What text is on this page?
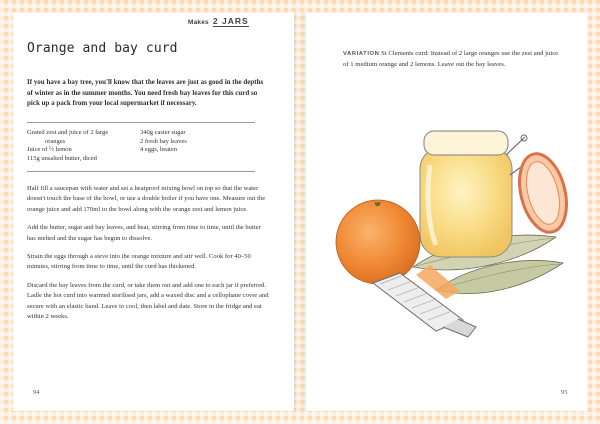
Makes 2 JARS
Orange and bay curd

If you have a bay tree, you'll know that the leaves are just as good in the depths of winter as in the summer months. You need fresh bay leaves for this curd so pick up a pack from your local supermarket if necessary.

Grated zest and juice of 2 large
oranges
Juice of ½ lemon
115g unsalted butter, diced
340g caster sugar
2 fresh bay leaves
4 eggs, beaten

Half fill a saucepan with water and set a heatproof mixing bowl on top so that the water doesn't touch the base of the bowl, or use a double boiler if you have one. Measure out the orange juice and add 170ml to the bowl along with the orange zest and lemon juice.

Add the butter, sugar and bay leaves, and heat, stirring from time to time, until the butter has melted and the sugar has begun to dissolve.

Strain the eggs through a sieve into the orange mixture and stir well. Cook for 40–50 minutes, stirring from time to time, until the curd has thickened.

Discard the bay leaves from the curd, or take them out and add one to each jar if preferred. Ladle the hot curd into warmed sterilised jars, add a waxed disc and a cellophane cover and secure with an elastic band. Leave to cool, then label and date. Store in the fridge and eat within 2 weeks.

94

VARIATION St Clements curd: Instead of 2 large oranges use the zest and juice of 1 medium orange and 2 lemons. Leave out the bay leaves.

95
